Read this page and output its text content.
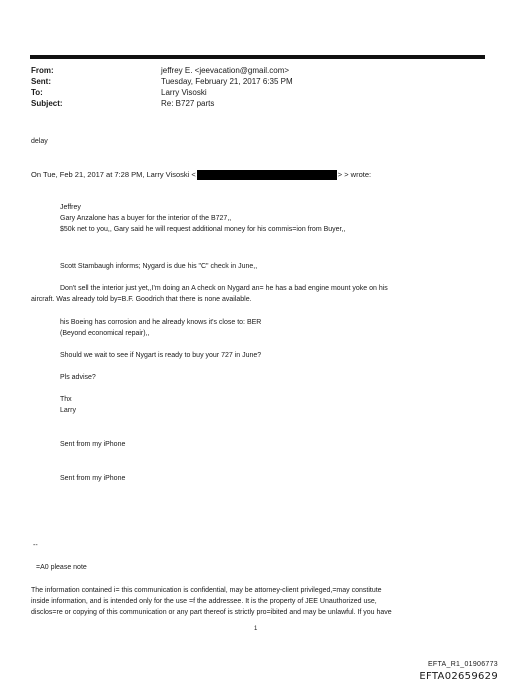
From:	jeffrey E. <jeevacation@gmail.com>
Sent:	Tuesday, February 21, 2017 6:35 PM
To:	Larry Visoski
Subject:	Re: B727 parts
delay
On Tue, Feb 21, 2017 at 7:28 PM, Larry Visoski <	> > wrote:
Jeffrey
Gary Anzalone has a buyer for the interior of the B727,,
$50k net to you,, Gary said he will request additional money for his commis=ion from Buyer,,
Scott Stambaugh informs; Nygard is due his "C" check in June,,
Don't sell the interior just yet,,I'm doing an A check on Nygard an= he has a bad engine mount yoke on his
aircraft. Was already told by=B.F. Goodrich that there is none available.
his Boeing has corrosion and he already knows it's close to: BER
(Beyond economical repair),,
Should we wait to see if Nygart is ready to buy your 727 in June?
Pls advise?
Thx
Larry
Sent from my iPhone
Sent from my iPhone
--
=A0 please note
The information contained i= this communication is confidential, may be attorney-client privileged,=may constitute
inside information, and is intended only for the use =f the addressee. It is the property of JEE Unauthorized use,
disclos=re or copying of this communication or any part thereof is strictly pro=ibited and may be unlawful. If you have
1
EFTA_R1_01906773
EFTA02659629
